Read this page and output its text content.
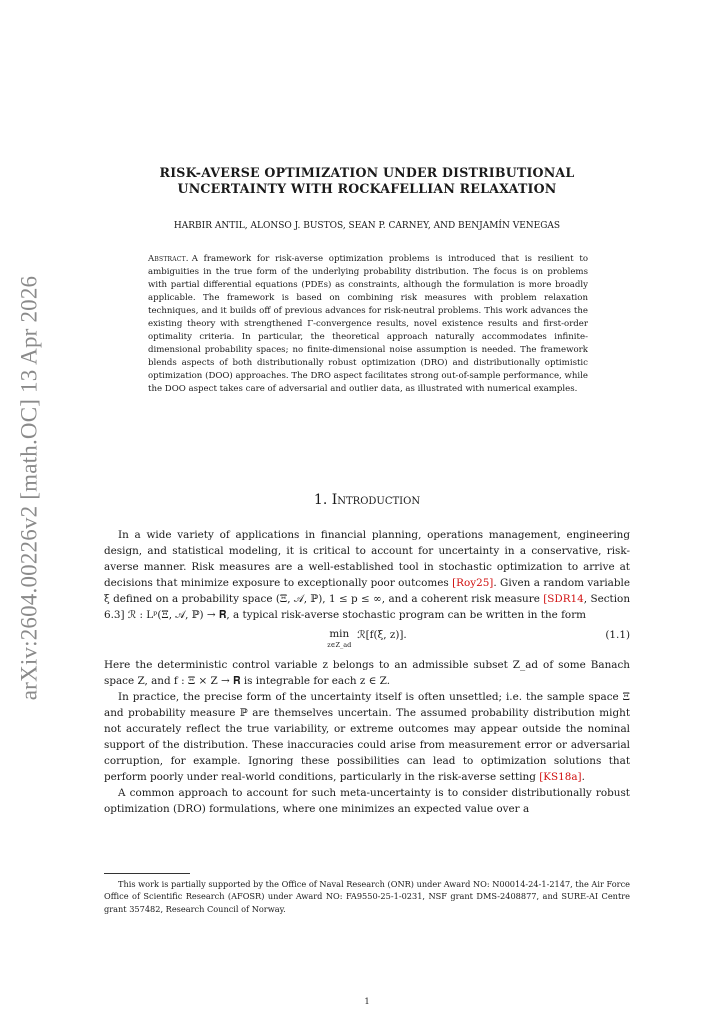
arXiv:2604.00226v2 [math.OC] 13 Apr 2026
RISK-AVERSE OPTIMIZATION UNDER DISTRIBUTIONAL
UNCERTAINTY WITH ROCKAFELLIAN RELAXATION
HARBIR ANTIL, ALONSO J. BUSTOS, SEAN P. CARNEY, AND BENJAMÍN VENEGAS
Abstract. A framework for risk-averse optimization problems is introduced that is resilient to ambiguities in the true form of the underlying probability distribution. The focus is on problems with partial differential equations (PDEs) as constraints, although the formulation is more broadly applicable. The framework is based on combining risk measures with problem relaxation techniques, and it builds off of previous advances for risk-neutral problems. This work advances the existing theory with strengthened Γ-convergence results, novel existence results and first-order optimality criteria. In particular, the theoretical approach naturally accommodates infinite-dimensional probability spaces; no finite-dimensional noise assumption is needed. The framework blends aspects of both distributionally robust optimization (DRO) and distributionally optimistic optimization (DOO) approaches. The DRO aspect facilitates strong out-of-sample performance, while the DOO aspect takes care of adversarial and outlier data, as illustrated with numerical examples.
1. Introduction

In a wide variety of applications in financial planning, operations management, engineering design, and statistical modeling, it is critical to account for uncertainty in a conservative, risk-averse manner. Risk measures are a well-established tool in stochastic optimization to arrive at decisions that minimize exposure to exceptionally poor outcomes [Roy25]. Given a random variable ξ defined on a probability space (Ξ, 𝒜, ℙ), 1 ≤ p ≤ ∞, and a coherent risk measure [SDR14, Section 6.3] ℛ : Lᵖ(Ξ, 𝒜, ℙ) → 𝐑, a typical risk-averse stochastic program can be written in the form

min
z∈Z_ad
ℛ[f(ξ, z)].	(1.1)

Here the deterministic control variable z belongs to an admissible subset Z_ad of some Banach space Z, and f : Ξ × Z → 𝐑 is integrable for each z ∈ Z.

In practice, the precise form of the uncertainty itself is often unsettled; i.e. the sample space Ξ and probability measure ℙ are themselves uncertain. The assumed probability distribution might not accurately reflect the true variability, or extreme outcomes may appear outside the nominal support of the distribution. These inaccuracies could arise from measurement error or adversarial corruption, for example. Ignoring these possibilities can lead to optimization solutions that perform poorly under real-world conditions, particularly in the risk-averse setting [KS18a].

A common approach to account for such meta-uncertainty is to consider distributionally robust optimization (DRO) formulations, where one minimizes an expected value over a

This work is partially supported by the Office of Naval Research (ONR) under Award NO: N00014-24-1-2147, the Air Force Office of Scientific Research (AFOSR) under Award NO: FA9550-25-1-0231, NSF grant DMS-2408877, and SURE-AI Centre grant 357482, Research Council of Norway.
1
